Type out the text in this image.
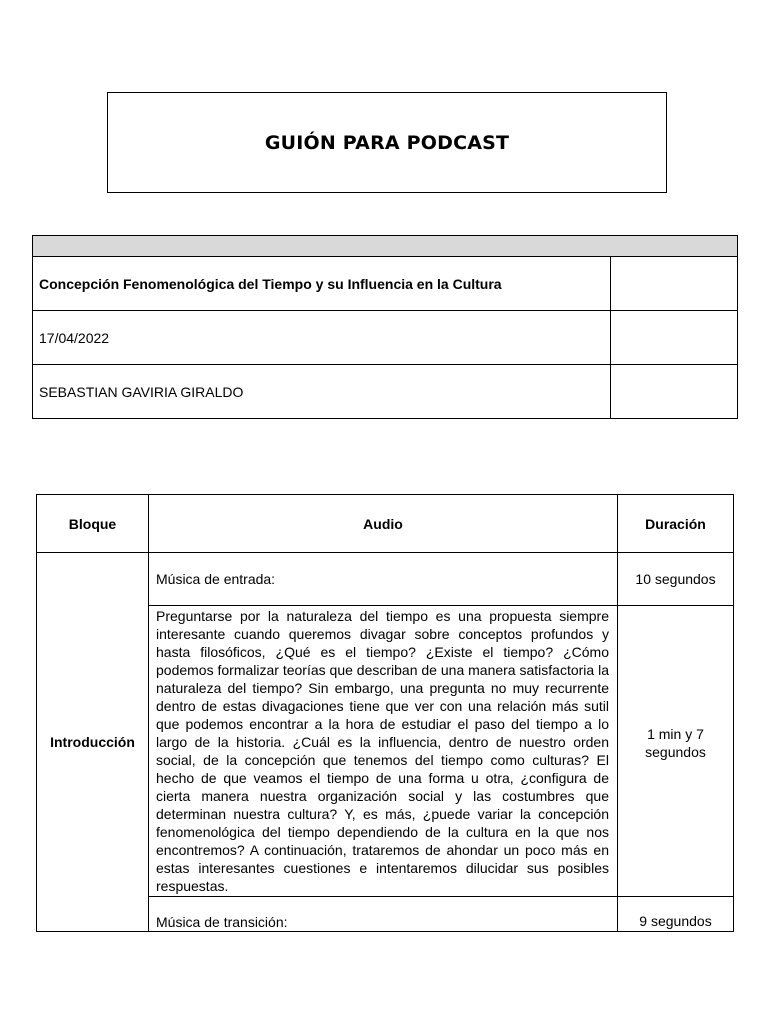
GUIÓN PARA PODCAST

Concepción Fenomenológica del Tiempo y su Influencia en la Cultura	
17/04/2022	
SEBASTIAN GAVIRIA GIRALDO	
Bloque	Audio	Duración
Introducción	Música de entrada:	10 segundos
	Preguntarse por la naturaleza del tiempo es una propuesta siempre interesante cuando queremos divagar sobre conceptos profundos y hasta filosóficos, ¿Qué es el tiempo? ¿Existe el tiempo? ¿Cómo podemos formalizar teorías que describan de una manera satisfactoria la naturaleza del tiempo? Sin embargo, una pregunta no muy recurrente dentro de estas divagaciones tiene que ver con una relación más sutil que podemos encontrar a la hora de estudiar el paso del tiempo a lo largo de la historia. ¿Cuál es la influencia, dentro de nuestro orden social, de la concepción que tenemos del tiempo como culturas? El hecho de que veamos el tiempo de una forma u otra, ¿configura de cierta manera nuestra organización social y las costumbres que determinan nuestra cultura? Y, es más, ¿puede variar la concepción fenomenológica del tiempo dependiendo de la cultura en la que nos encontremos? A continuación, trataremos de ahondar un poco más en estas interesantes cuestiones e intentaremos dilucidar sus posibles respuestas.	1 min y 7 segundos
	Música de transición:	9 segundos
